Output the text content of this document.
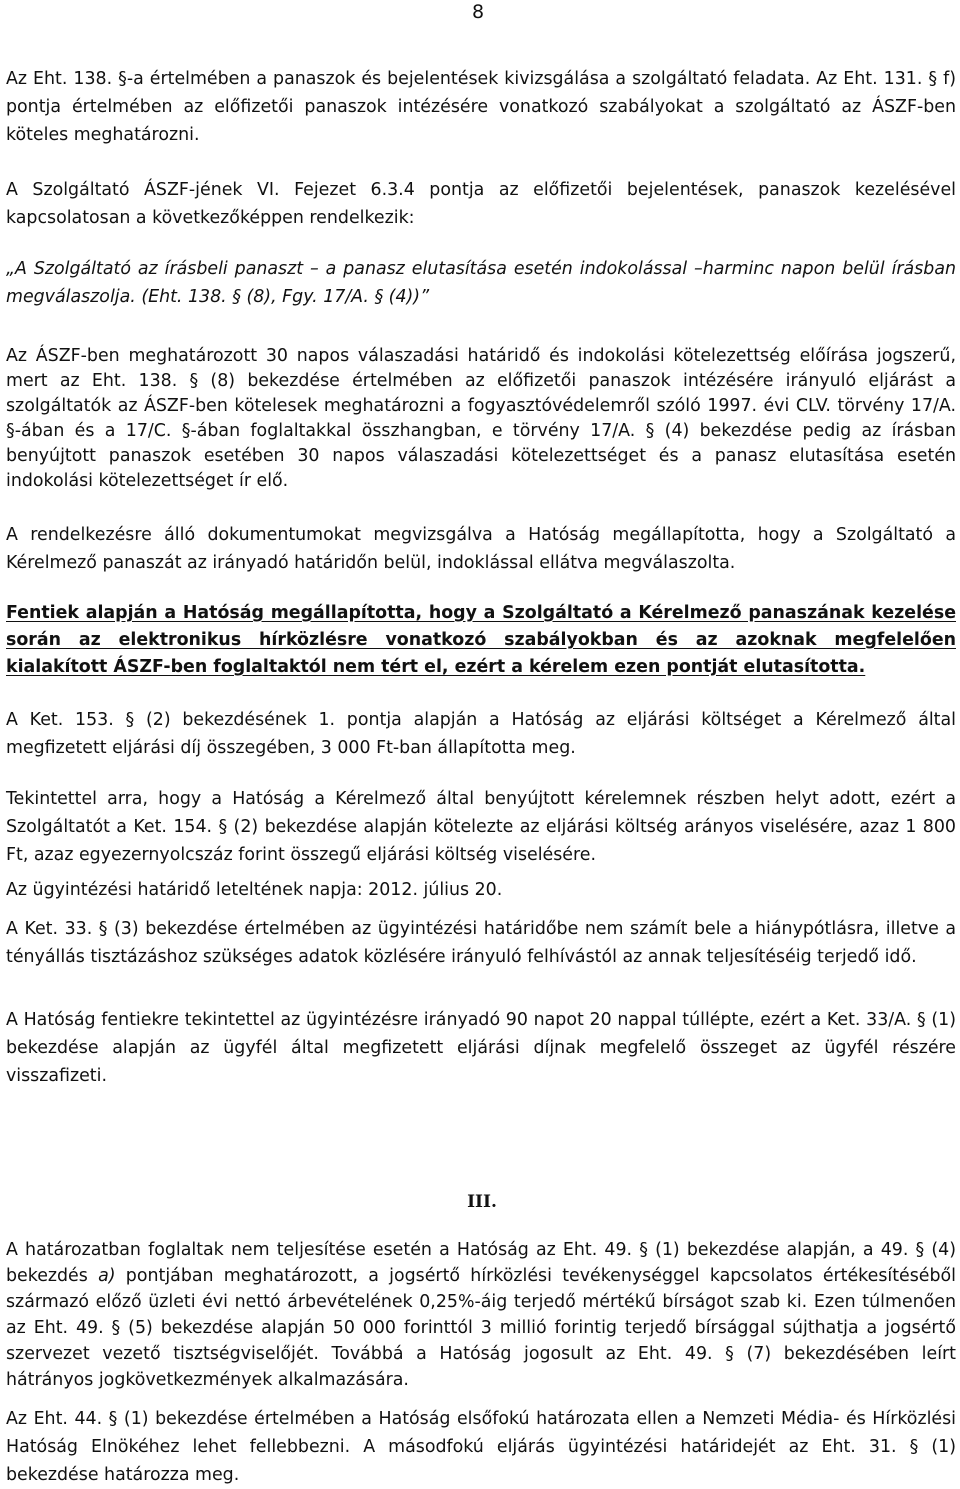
8

Az Eht. 138. §-a értelmében a panaszok és bejelentések kivizsgálása a szolgáltató feladata. Az Eht. 131. § f) pontja értelmében az előfizetői panaszok intézésére vonatkozó szabályokat a szolgáltató az ÁSZF-ben köteles meghatározni.

A Szolgáltató ÁSZF-jének VI. Fejezet 6.3.4 pontja az előfizetői bejelentések, panaszok kezelésével kapcsolatosan a következőképpen rendelkezik:

„A Szolgáltató az írásbeli panaszt – a panasz elutasítása esetén indokolással –harminc napon belül írásban megválaszolja. (Eht. 138. § (8), Fgy. 17/A. § (4))”

Az ÁSZF-ben meghatározott 30 napos válaszadási határidő és indokolási kötelezettség előírása jogszerű, mert az Eht. 138. § (8) bekezdése értelmében az előfizetői panaszok intézésére irányuló eljárást a szolgáltatók az ÁSZF-ben kötelesek meghatározni a fogyasztóvédelemről szóló 1997. évi CLV. törvény 17/A. §-ában és a 17/C. §-ában foglaltakkal összhangban, e törvény 17/A. § (4) bekezdése pedig az írásban benyújtott panaszok esetében 30 napos válaszadási kötelezettséget és a panasz elutasítása esetén indokolási kötelezettséget ír elő.

A rendelkezésre álló dokumentumokat megvizsgálva a Hatóság megállapította, hogy a Szolgáltató a Kérelmező panaszát az irányadó határidőn belül, indoklással ellátva megválaszolta.

Fentiek alapján a Hatóság megállapította, hogy a Szolgáltató a Kérelmező panaszának kezelése során az elektronikus hírközlésre vonatkozó szabályokban és az azoknak megfelelően kialakított ÁSZF-ben foglaltaktól nem tért el, ezért a kérelem ezen pontját elutasította.

A Ket. 153. § (2) bekezdésének 1. pontja alapján a Hatóság az eljárási költséget a Kérelmező által megfizetett eljárási díj összegében, 3 000 Ft-ban állapította meg.

Tekintettel arra, hogy a Hatóság a Kérelmező által benyújtott kérelemnek részben helyt adott, ezért a Szolgáltatót a Ket. 154. § (2) bekezdése alapján kötelezte az eljárási költség arányos viselésére, azaz 1 800 Ft, azaz egyezernyolcszáz forint összegű eljárási költség viselésére.

Az ügyintézési határidő leteltének napja: 2012. július 20.

A Ket. 33. § (3) bekezdése értelmében az ügyintézési határidőbe nem számít bele a hiánypótlásra, illetve a tényállás tisztázáshoz szükséges adatok közlésére irányuló felhívástól az annak teljesítéséig terjedő idő.

A Hatóság fentiekre tekintettel az ügyintézésre irányadó 90 napot 20 nappal túllépte, ezért a Ket. 33/A. § (1) bekezdése alapján az ügyfél által megfizetett eljárási díjnak megfelelő összeget az ügyfél részére visszafizeti.

III.

A határozatban foglaltak nem teljesítése esetén a Hatóság az Eht. 49. § (1) bekezdése alapján, a 49. § (4) bekezdés a) pontjában meghatározott, a jogsértő hírközlési tevékenységgel kapcsolatos értékesítéséből származó előző üzleti évi nettó árbevételének 0,25%-áig terjedő mértékű bírságot szab ki. Ezen túlmenően az Eht. 49. § (5) bekezdése alapján 50 000 forinttól 3 millió forintig terjedő bírsággal sújthatja a jogsértő szervezet vezető tisztségviselőjét. Továbbá a Hatóság jogosult az Eht. 49. § (7) bekezdésében leírt hátrányos jogkövetkezmények alkalmazására.

Az Eht. 44. § (1) bekezdése értelmében a Hatóság elsőfokú határozata ellen a Nemzeti Média- és Hírközlési Hatóság Elnökéhez lehet fellebbezni. A másodfokú eljárás ügyintézési határidejét az Eht. 31. § (1) bekezdése határozza meg.
